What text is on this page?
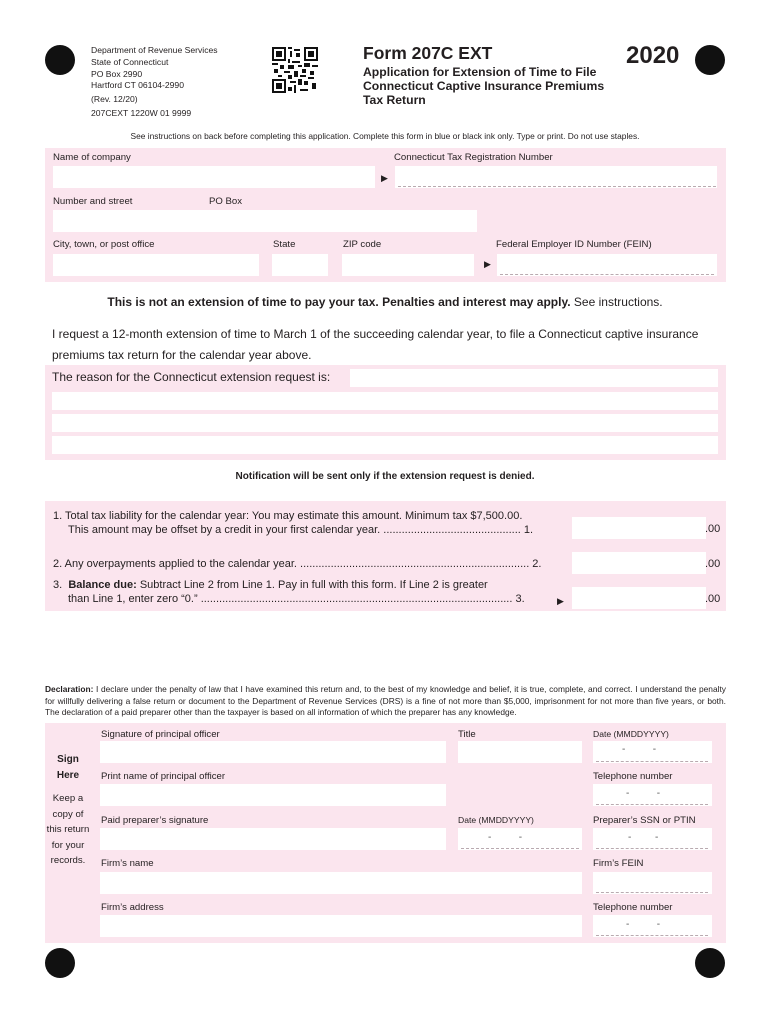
Department of Revenue Services
State of Connecticut
PO Box 2990
Hartford CT 06104-2990
(Rev. 12/20)
207CEXT 1220W 01 9999
Form 207C EXT
Application for Extension of Time to File
Connecticut Captive Insurance Premiums
Tax Return
2020
See instructions on back before completing this application. Complete this form in blue or black ink only. Type or print. Do not use staples.
Name of company
▶
Connecticut Tax Registration Number
Number and street	PO Box
City, town, or post office	State	ZIP code	Federal Employer ID Number (FEIN)
▶
This is not an extension of time to pay your tax. Penalties and interest may apply. See instructions.
I request a 12-month extension of time to March 1 of the succeeding calendar year, to file a Connecticut captive insurance
premiums tax return for the calendar year above.
The reason for the Connecticut extension request is:
Notification will be sent only if the extension request is denied.
1. Total tax liability for the calendar year: You may estimate this amount. Minimum tax $7,500.00.
This amount may be offset by a credit in your first calendar year. ............................................. 1.	.00
2. Any overpayments applied to the calendar year. ........................................................................... 2.	.00
3. Balance due: Subtract Line 2 from Line 1. Pay in full with this form. If Line 2 is greater
than Line 1, enter zero “0.” ...................................................................................................... 3.	▶	.00
Declaration: I declare under the penalty of law that I have examined this return and, to the best of my knowledge and belief, it is true, complete, and correct. I understand the penalty for willfully delivering a false return or document to the Department of Revenue Services (DRS) is a fine of not more than $5,000, imprisonment for not more than five years, or both. The declaration of a paid preparer other than the taxpayer is based on all information of which the preparer has any knowledge.
Sign
Here
Keep a
copy of
this return
for your
records.
Signature of principal officer	Title	Date (MMDDYYYY)
-       -
Print name of principal officer	Telephone number
-       -
Paid preparer’s signature	Date (MMDDYYYY)	Preparer’s SSN or PTIN
-       -	-      -
Firm’s name	Firm’s FEIN
Firm’s address	Telephone number
-       -
